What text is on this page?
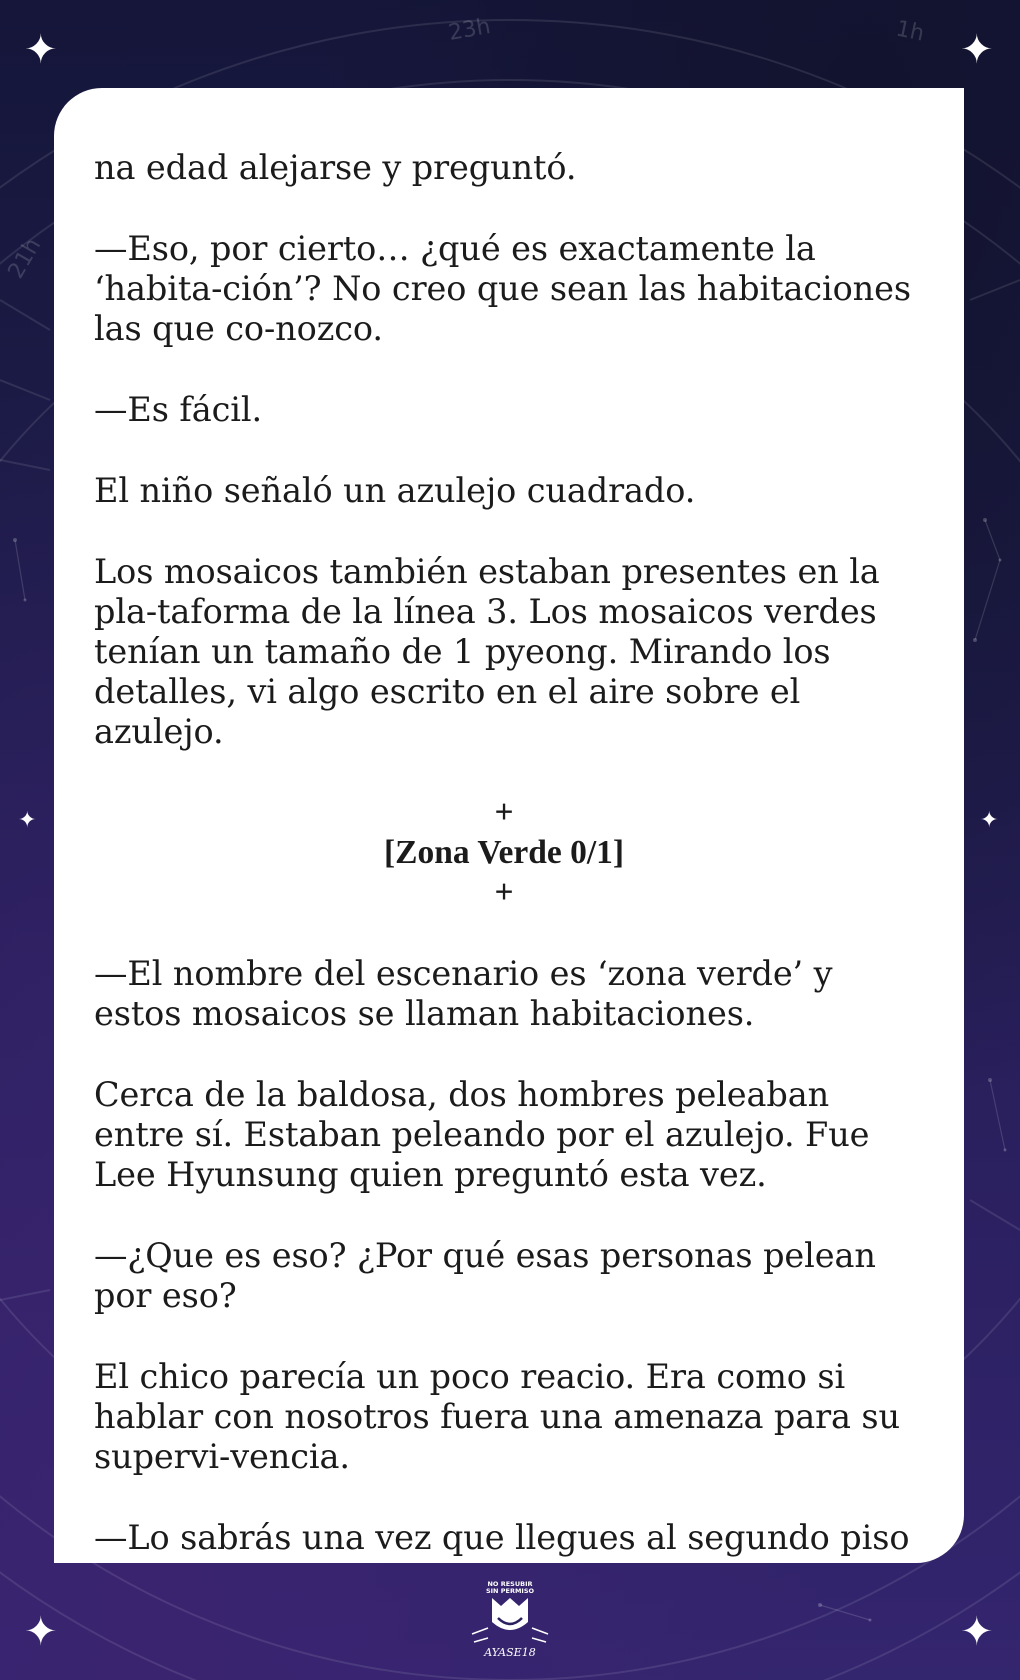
23h	1h
21h
✦	✦
✦	✦
✦	✦

na edad alejarse y preguntó.

—Eso, por cierto… ¿qué es exactamente la ‘habita-ción’? No creo que sean las habitaciones las que co-nozco.

—Es fácil.

El niño señaló un azulejo cuadrado.

Los mosaicos también estaban presentes en la pla-taforma de la línea 3. Los mosaicos verdes tenían un tamaño de 1 pyeong. Mirando los detalles, vi algo escrito en el aire sobre el azulejo.

+
[Zona Verde 0/1]
+

—El nombre del escenario es ‘zona verde’ y estos mosaicos se llaman habitaciones.

Cerca de la baldosa, dos hombres peleaban entre sí. Estaban peleando por el azulejo. Fue Lee Hyunsung quien preguntó esta vez.

—¿Que es eso? ¿Por qué esas personas pelean por eso?

El chico parecía un poco reacio. Era como si hablar con nosotros fuera una amenaza para su supervi-vencia.

—Lo sabrás una vez que llegues al segundo piso

NO RESUBIR
SIN PERMISO
AYASE18
